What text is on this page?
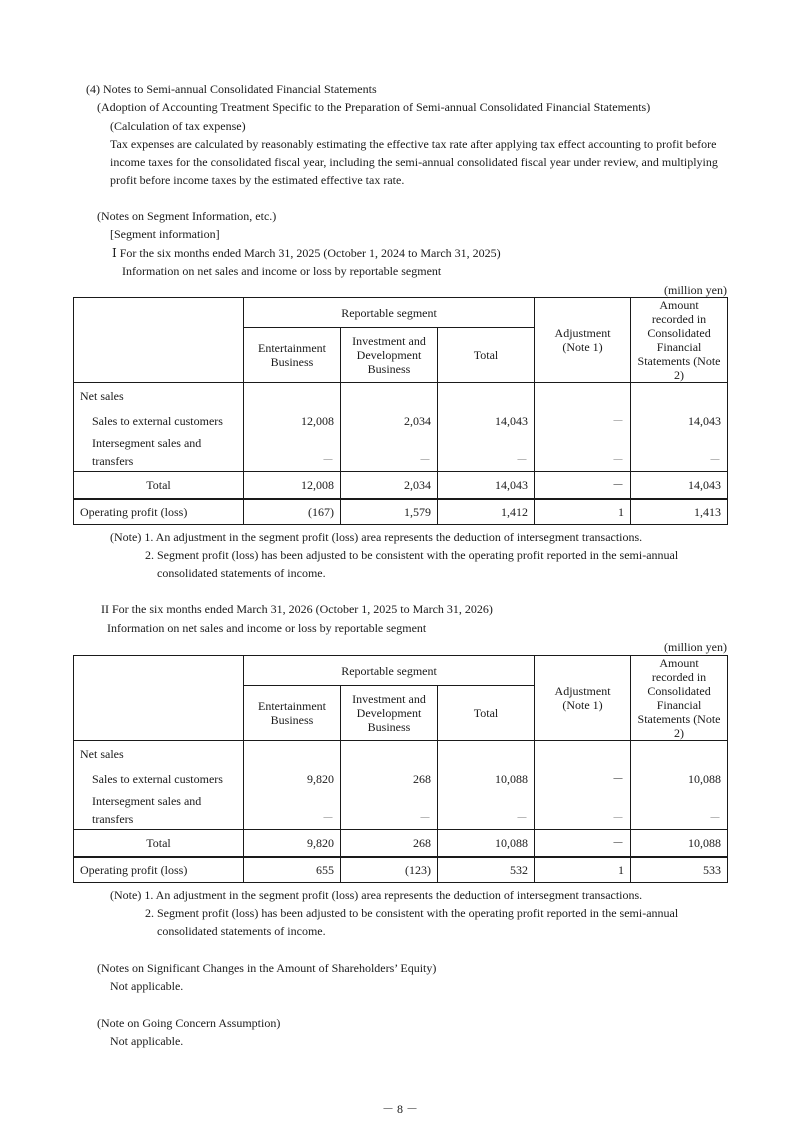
(4) Notes to Semi-annual Consolidated Financial Statements
(Adoption of Accounting Treatment Specific to the Preparation of Semi-annual Consolidated Financial Statements)
(Calculation of tax expense)
Tax expenses are calculated by reasonably estimating the effective tax rate after applying tax effect accounting to profit before
income taxes for the consolidated fiscal year, including the semi-annual consolidated fiscal year under review, and multiplying
profit before income taxes by the estimated effective tax rate.
(Notes on Segment Information, etc.)
[Segment information]
Ⅰ For the six months ended March 31, 2025 (October 1, 2024 to March 31, 2025)
Information on net sales and income or loss by reportable segment
(million yen)
	Reportable segment			Adjustment (Note 1)	Amount recorded in Consolidated Financial Statements (Note 2)
	Entertainment Business	Investment and Development Business	Total		
Net sales					
Sales to external customers	12,008	2,034	14,043	－	14,043
Intersegment sales and transfers	－	－	－	－	－
Total	12,008	2,034	14,043	－	14,043
Operating profit (loss)	(167)	1,579	1,412	1	1,413
(Note) 1. An adjustment in the segment profit (loss) area represents the deduction of intersegment transactions.
2. Segment profit (loss) has been adjusted to be consistent with the operating profit reported in the semi-annual
consolidated statements of income.
II For the six months ended March 31, 2026 (October 1, 2025 to March 31, 2026)
Information on net sales and income or loss by reportable segment
(million yen)
	Reportable segment			Adjustment (Note 1)	Amount recorded in Consolidated Financial Statements (Note 2)
	Entertainment Business	Investment and Development Business	Total		
Net sales					
Sales to external customers	9,820	268	10,088	－	10,088
Intersegment sales and transfers	－	－	－	－	－
Total	9,820	268	10,088	－	10,088
Operating profit (loss)	655	(123)	532	1	533
(Note) 1. An adjustment in the segment profit (loss) area represents the deduction of intersegment transactions.
2. Segment profit (loss) has been adjusted to be consistent with the operating profit reported in the semi-annual
consolidated statements of income.
(Notes on Significant Changes in the Amount of Shareholders’ Equity)
Not applicable.
(Note on Going Concern Assumption)
Not applicable.
－ 8 －
